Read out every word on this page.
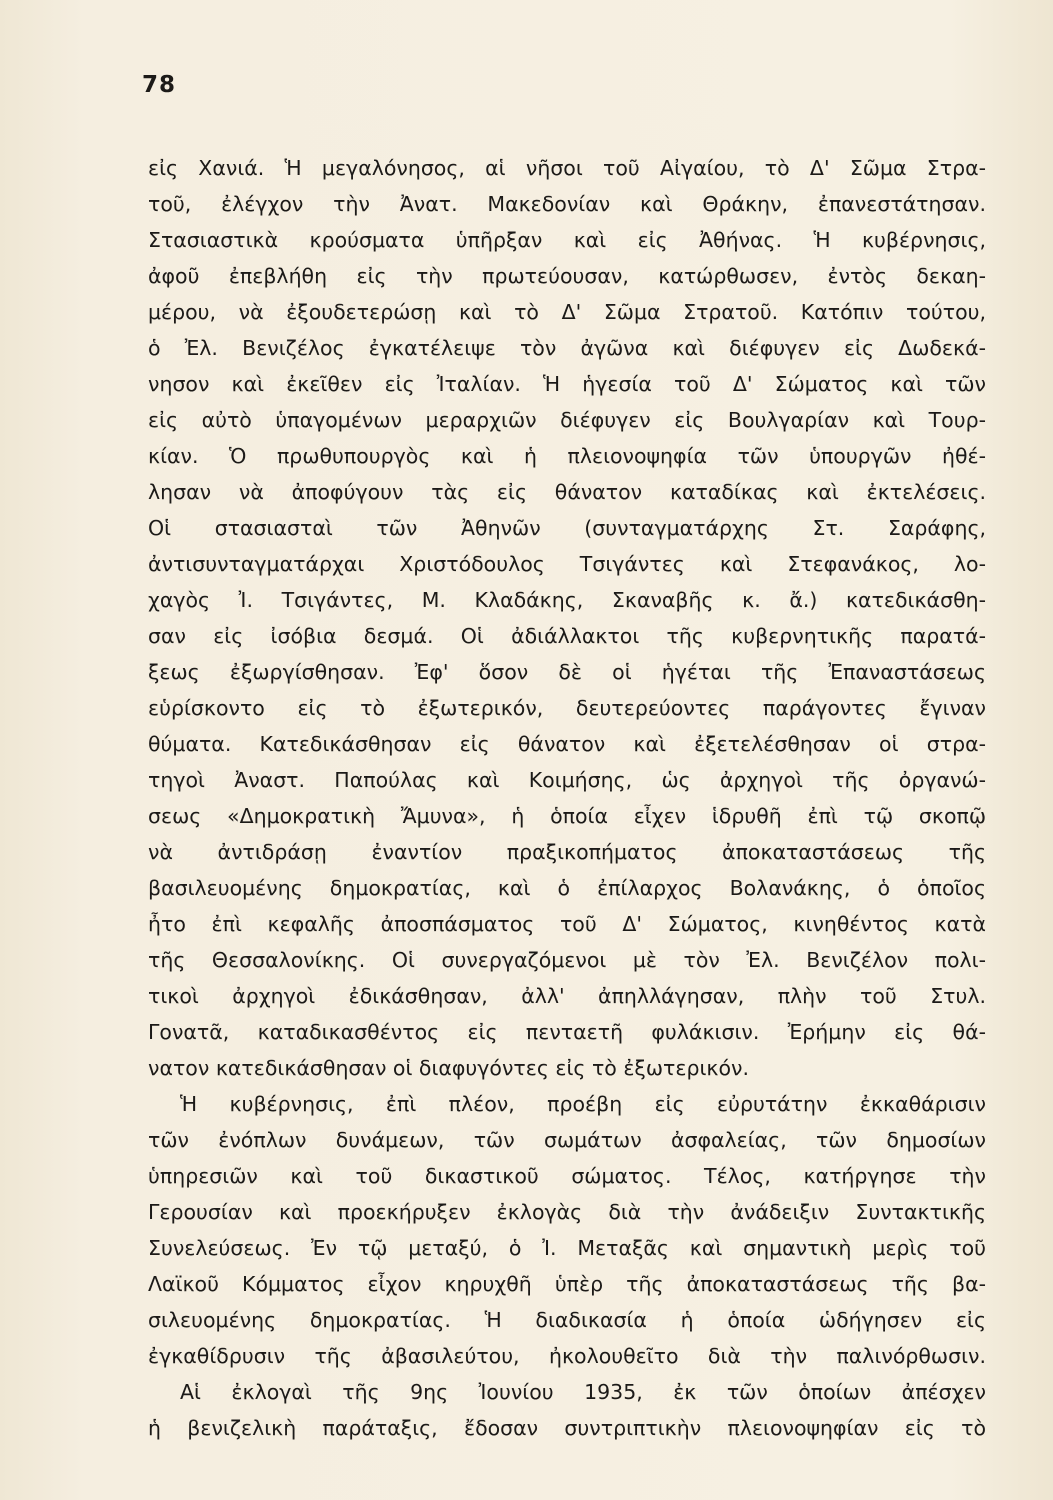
78
εἰς Χανιά. Ἡ μεγαλόνησος, αἱ νῆσοι τοῦ Αἰγαίου, τὸ Δ' Σῶμα Στρα-
τοῦ, ἐλέγχον τὴν Ἀνατ. Μακεδονίαν καὶ Θράκην, ἐπανεστάτησαν.
Στασιαστικὰ κρούσματα ὑπῆρξαν καὶ εἰς Ἀθήνας. Ἡ κυβέρνησις,
ἀφοῦ ἐπεβλήθη εἰς τὴν πρωτεύουσαν, κατώρθωσεν, ἐντὸς δεκαη-
μέρου, νὰ ἐξουδετερώσῃ καὶ τὸ Δ' Σῶμα Στρατοῦ. Κατόπιν τούτου,
ὁ Ἐλ. Βενιζέλος ἐγκατέλειψε τὸν ἀγῶνα καὶ διέφυγεν εἰς Δωδεκά-
νησον καὶ ἐκεῖθεν εἰς Ἰταλίαν. Ἡ ἡγεσία τοῦ Δ' Σώματος καὶ τῶν
εἰς αὐτὸ ὑπαγομένων μεραρχιῶν διέφυγεν εἰς Βουλγαρίαν καὶ Τουρ-
κίαν. Ὁ πρωθυπουργὸς καὶ ἡ πλειονοψηφία τῶν ὑπουργῶν ἠθέ-
λησαν νὰ ἀποφύγουν τὰς εἰς θάνατον καταδίκας καὶ ἐκτελέσεις.
Οἱ στασιασταὶ τῶν Ἀθηνῶν (συνταγματάρχης Στ. Σαράφης,
ἀντισυνταγματάρχαι Χριστόδουλος Τσιγάντες καὶ Στεφανάκος, λο-
χαγὸς Ἰ. Τσιγάντες, Μ. Κλαδάκης, Σκαναβῆς κ. ἄ.) κατεδικάσθη-
σαν εἰς ἰσόβια δεσμά. Οἱ ἀδιάλλακτοι τῆς κυβερνητικῆς παρατά-
ξεως ἐξωργίσθησαν. Ἐφ' ὅσον δὲ οἱ ἡγέται τῆς Ἐπαναστάσεως
εὑρίσκοντο εἰς τὸ ἐξωτερικόν, δευτερεύοντες παράγοντες ἔγιναν
θύματα. Κατεδικάσθησαν εἰς θάνατον καὶ ἐξετελέσθησαν οἱ στρα-
τηγοὶ Ἀναστ. Παπούλας καὶ Κοιμήσης, ὡς ἀρχηγοὶ τῆς ὀργανώ-
σεως «Δημοκρατικὴ Ἄμυνα», ἡ ὁποία εἶχεν ἱδρυθῆ ἐπὶ τῷ σκοπῷ
νὰ ἀντιδράσῃ ἐναντίον πραξικοπήματος ἀποκαταστάσεως τῆς
βασιλευομένης δημοκρατίας, καὶ ὁ ἐπίλαρχος Βολανάκης, ὁ ὁποῖος
ἦτο ἐπὶ κεφαλῆς ἀποσπάσματος τοῦ Δ' Σώματος, κινηθέντος κατὰ
τῆς Θεσσαλονίκης. Οἱ συνεργαζόμενοι μὲ τὸν Ἐλ. Βενιζέλον πολι-
τικοὶ ἀρχηγοὶ ἐδικάσθησαν, ἀλλ' ἀπηλλάγησαν, πλὴν τοῦ Στυλ.
Γονατᾶ, καταδικασθέντος εἰς πενταετῆ φυλάκισιν. Ἐρήμην εἰς θά-
νατον κατεδικάσθησαν οἱ διαφυγόντες εἰς τὸ ἐξωτερικόν.
Ἡ κυβέρνησις, ἐπὶ πλέον, προέβη εἰς εὐρυτάτην ἐκκαθάρισιν
τῶν ἐνόπλων δυνάμεων, τῶν σωμάτων ἀσφαλείας, τῶν δημοσίων
ὑπηρεσιῶν καὶ τοῦ δικαστικοῦ σώματος. Τέλος, κατήργησε τὴν
Γερουσίαν καὶ προεκήρυξεν ἐκλογὰς διὰ τὴν ἀνάδειξιν Συντακτικῆς
Συνελεύσεως. Ἐν τῷ μεταξύ, ὁ Ἰ. Μεταξᾶς καὶ σημαντικὴ μερὶς τοῦ
Λαϊκοῦ Κόμματος εἶχον κηρυχθῆ ὑπὲρ τῆς ἀποκαταστάσεως τῆς βα-
σιλευομένης δημοκρατίας. Ἡ διαδικασία ἡ ὁποία ὡδήγησεν εἰς
ἐγκαθίδρυσιν τῆς ἀβασιλεύτου, ἠκολουθεῖτο διὰ τὴν παλινόρθωσιν.
Αἱ ἐκλογαὶ τῆς 9ης Ἰουνίου 1935, ἐκ τῶν ὁποίων ἀπέσχεν
ἡ βενιζελικὴ παράταξις, ἔδοσαν συντριπτικὴν πλειονοψηφίαν εἰς τὸ
